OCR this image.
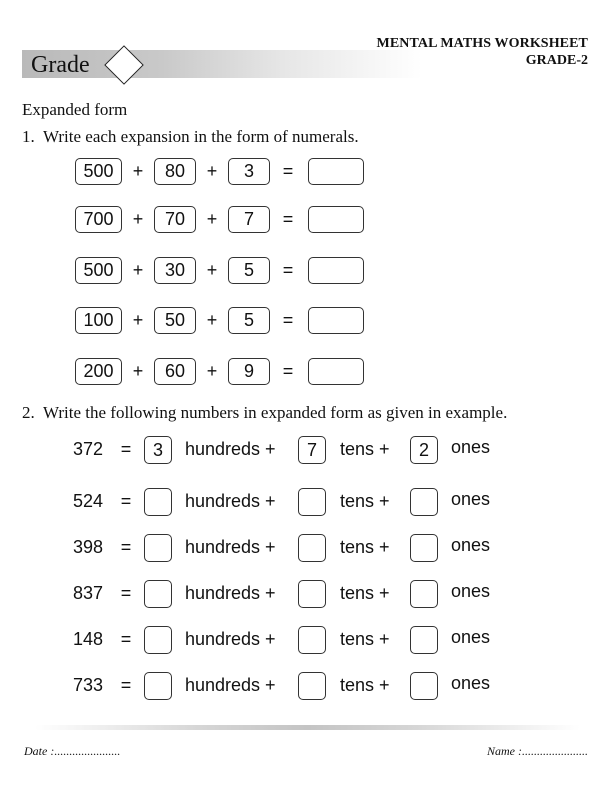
Grade
MENTAL MATHS WORKSHEET
GRADE-2
Expanded form
1. Write each expansion in the form of numerals.
500	+	80	+	3	=
700	+	70	+	7	=
500	+	30	+	5	=
100	+	50	+	5	=
200	+	60	+	9	=
2. Write the following numbers in expanded form as given in example.
372 =	3	hundreds +	7	tens +	2	ones
524 =	hundreds +	tens +	ones
398 =	hundreds +	tens +	ones
837 =	hundreds +	tens +	ones
148 =	hundreds +	tens +	ones
733 =	hundreds +	tens +	ones
Date :......................	Name :......................
